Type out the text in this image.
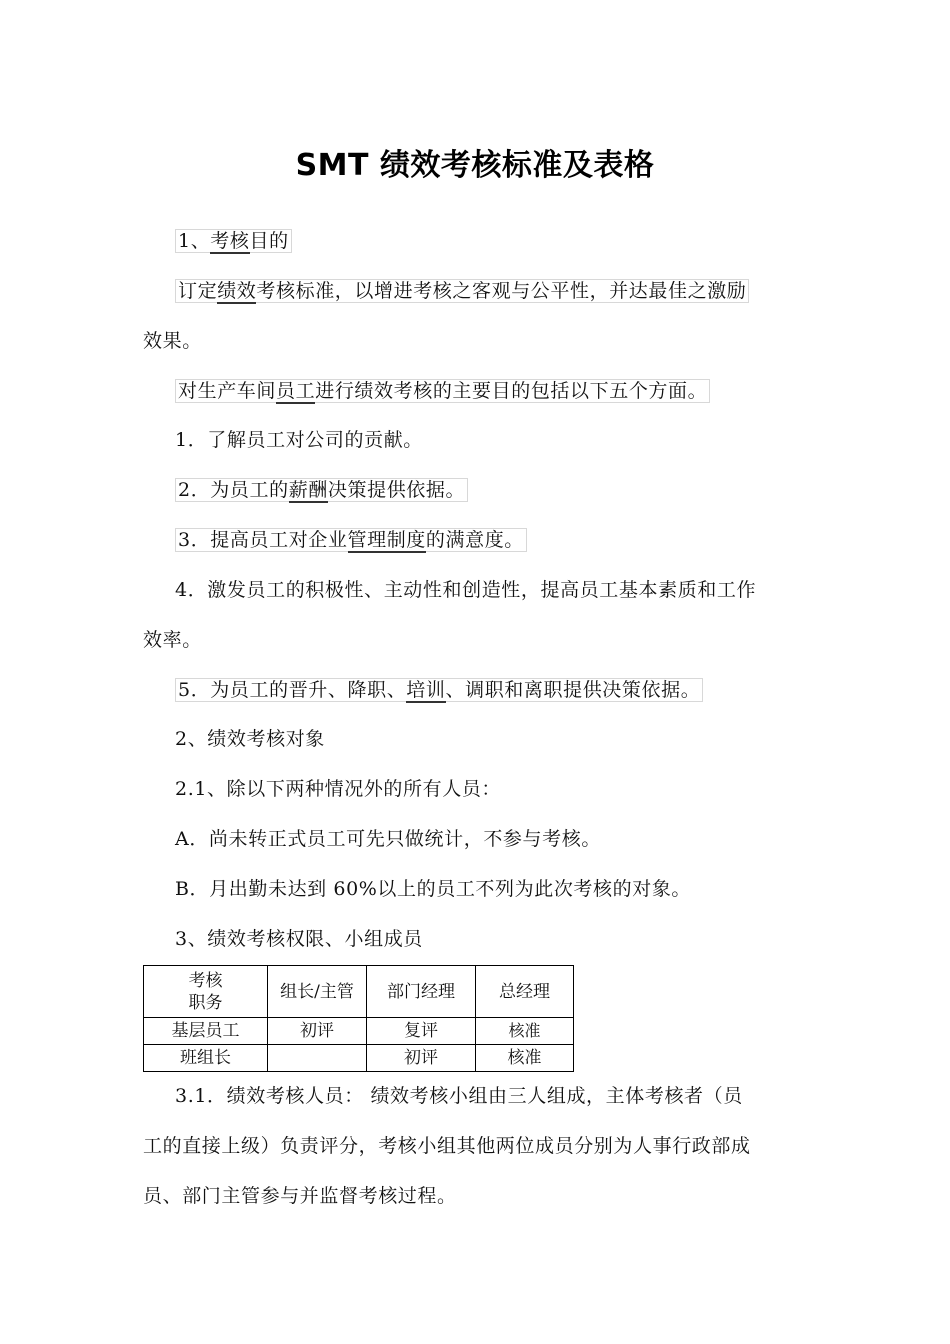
SMT 绩效考核标准及表格
1、考核目的
订定绩效考核标准，以增进考核之客观与公平性，并达最佳之激励
效果。
对生产车间员工进行绩效考核的主要目的包括以下五个方面。
1．了解员工对公司的贡献。
2．为员工的薪酬决策提供依据。
3．提高员工对企业管理制度的满意度。
4．激发员工的积极性、主动性和创造性，提高员工基本素质和工作
效率。
5．为员工的晋升、降职、培训、调职和离职提供决策依据。
2、绩效考核对象
2.1、除以下两种情况外的所有人员：
A．尚未转正式员工可先只做统计，不参与考核。
B．月出勤未达到 60%以上的员工不列为此次考核的对象。
3、绩效考核权限、小组成员
考核
职务	组长/主管	部门经理	总经理
基层员工	初评	复评	核准
班组长		初评	核准
3.1．绩效考核人员： 绩效考核小组由三人组成，主体考核者（员
工的直接上级）负责评分，考核小组其他两位成员分别为人事行政部成
员、部门主管参与并监督考核过程。
